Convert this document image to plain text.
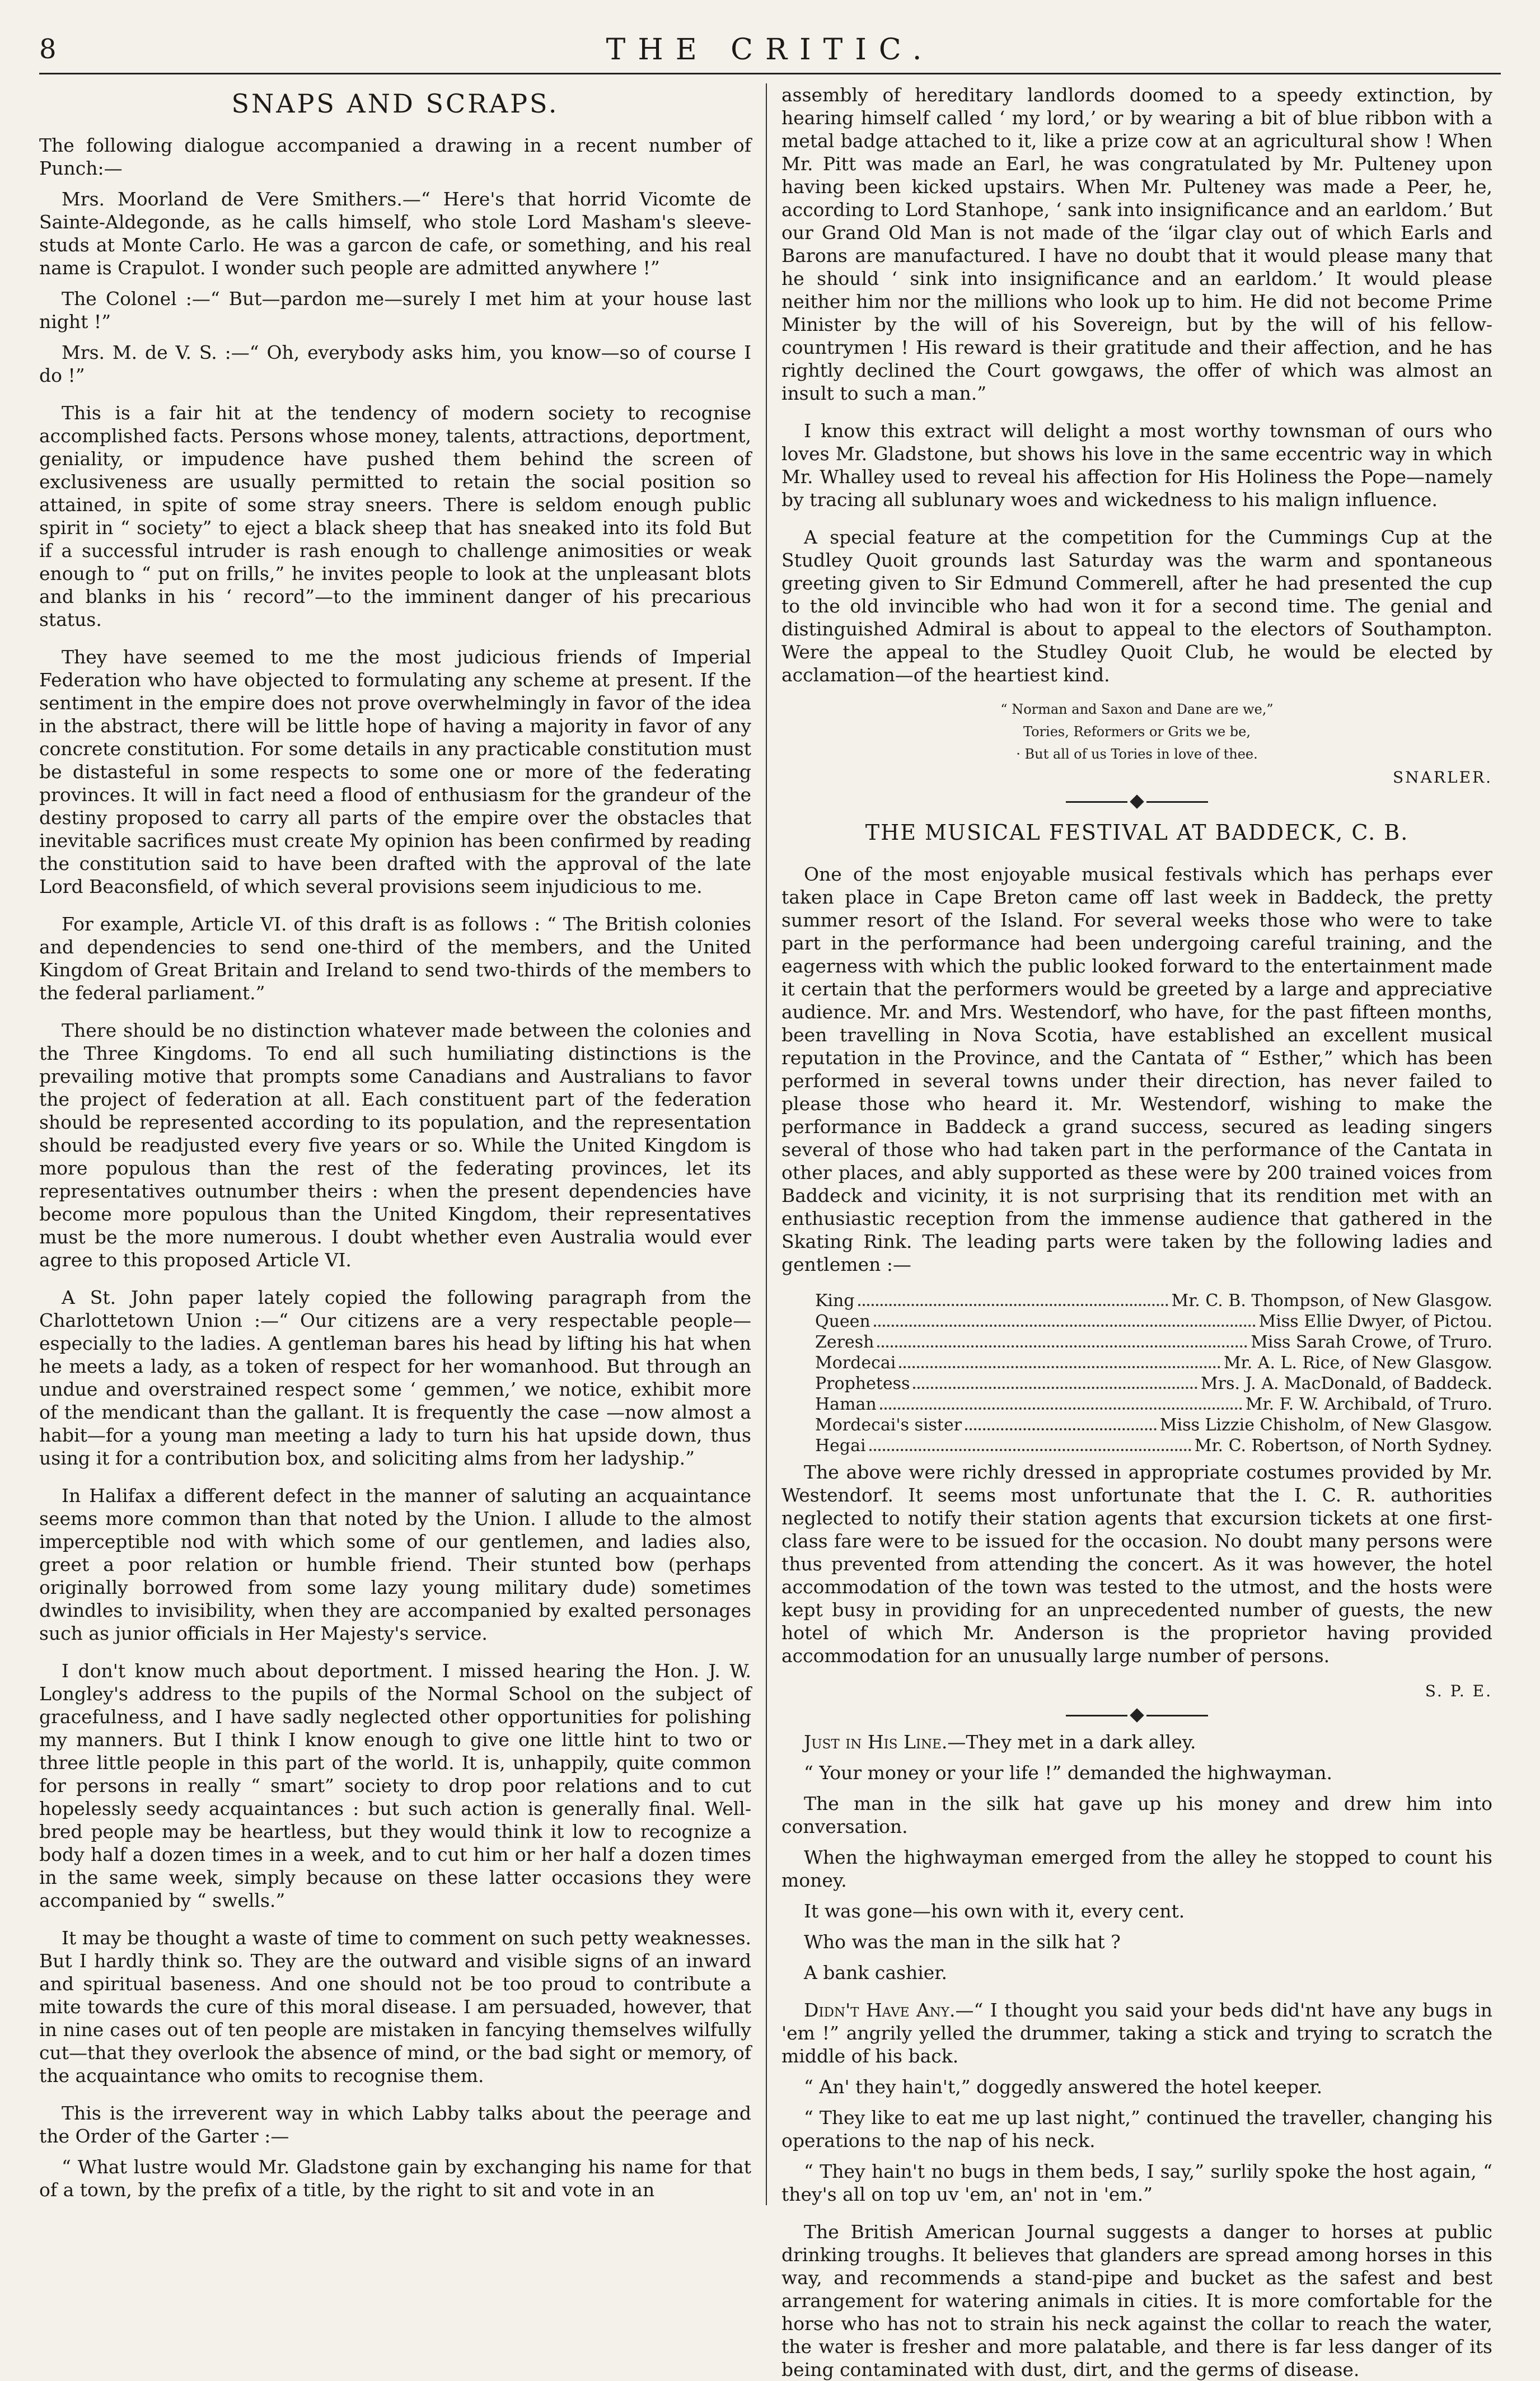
8	THE CRITIC.
SNAPS AND SCRAPS.

The following dialogue accompanied a drawing in a recent number of Punch:—

Mrs. Moorland de Vere Smithers.—“ Here's that horrid Vicomte de Sainte-Aldegonde, as he calls himself, who stole Lord Masham's sleeve-studs at Monte Carlo. He was a garcon de cafe, or something, and his real name is Crapulot. I wonder such people are admitted anywhere !”

The Colonel :—“ But—pardon me—surely I met him at your house last night !”

Mrs. M. de V. S. :—“ Oh, everybody asks him, you know—so of course I do !”

This is a fair hit at the tendency of modern society to recognise accomplished facts. Persons whose money, talents, attractions, deportment, geniality, or impudence have pushed them behind the screen of exclusiveness are usually permitted to retain the social position so attained, in spite of some stray sneers. There is seldom enough public spirit in “ society” to eject a black sheep that has sneaked into its fold But if a successful intruder is rash enough to challenge animosities or weak enough to “ put on frills,” he invites people to look at the unpleasant blots and blanks in his ‘ record”—to the imminent danger of his precarious status.

They have seemed to me the most judicious friends of Imperial Federation who have objected to formulating any scheme at present. If the sentiment in the empire does not prove overwhelmingly in favor of the idea in the abstract, there will be little hope of having a majority in favor of any concrete constitution. For some details in any practicable constitution must be distasteful in some respects to some one or more of the federating provinces. It will in fact need a flood of enthusiasm for the grandeur of the destiny proposed to carry all parts of the empire over the obstacles that inevitable sacrifices must create My opinion has been confirmed by reading the constitution said to have been drafted with the approval of the late Lord Beaconsfield, of which several provisions seem injudicious to me.

For example, Article VI. of this draft is as follows : “ The British colonies and dependencies to send one-third of the members, and the United Kingdom of Great Britain and Ireland to send two-thirds of the members to the federal parliament.”

There should be no distinction whatever made between the colonies and the Three Kingdoms. To end all such humiliating distinctions is the prevailing motive that prompts some Canadians and Australians to favor the project of federation at all. Each constituent part of the federation should be represented according to its population, and the representation should be readjusted every five years or so. While the United Kingdom is more populous than the rest of the federating provinces, let its representatives outnumber theirs : when the present dependencies have become more populous than the United Kingdom, their representatives must be the more numerous. I doubt whether even Australia would ever agree to this proposed Article VI.

A St. John paper lately copied the following paragraph from the Charlottetown Union :—“ Our citizens are a very respectable people—especially to the ladies. A gentleman bares his head by lifting his hat when he meets a lady, as a token of respect for her womanhood. But through an undue and overstrained respect some ‘ gemmen,’ we notice, exhibit more of the mendicant than the gallant. It is frequently the case —now almost a habit—for a young man meeting a lady to turn his hat upside down, thus using it for a contribution box, and soliciting alms from her ladyship.”

In Halifax a different defect in the manner of saluting an acquaintance seems more common than that noted by the Union. I allude to the almost imperceptible nod with which some of our gentlemen, and ladies also, greet a poor relation or humble friend. Their stunted bow (perhaps originally borrowed from some lazy young military dude) sometimes dwindles to invisibility, when they are accompanied by exalted personages such as junior officials in Her Majesty's service.

I don't know much about deportment. I missed hearing the Hon. J. W. Longley's address to the pupils of the Normal School on the subject of gracefulness, and I have sadly neglected other opportunities for polishing my manners. But I think I know enough to give one little hint to two or three little people in this part of the world. It is, unhappily, quite common for persons in really “ smart” society to drop poor relations and to cut hopelessly seedy acquaintances : but such action is generally final. Well-bred people may be heartless, but they would think it low to recognize a body half a dozen times in a week, and to cut him or her half a dozen times in the same week, simply because on these latter occasions they were accompanied by “ swells.”

It may be thought a waste of time to comment on such petty weaknesses. But I hardly think so. They are the outward and visible signs of an inward and spiritual baseness. And one should not be too proud to contribute a mite towards the cure of this moral disease. I am persuaded, however, that in nine cases out of ten people are mistaken in fancying themselves wilfully cut—that they overlook the absence of mind, or the bad sight or memory, of the acquaintance who omits to recognise them.

This is the irreverent way in which Labby talks about the peerage and the Order of the Garter :—

“ What lustre would Mr. Gladstone gain by exchanging his name for that of a town, by the prefix of a title, by the right to sit and vote in an

assembly of hereditary landlords doomed to a speedy extinction, by hearing himself called ‘ my lord,’ or by wearing a bit of blue ribbon with a metal badge attached to it, like a prize cow at an agricultural show ! When Mr. Pitt was made an Earl, he was congratulated by Mr. Pulteney upon having been kicked upstairs. When Mr. Pulteney was made a Peer, he, according to Lord Stanhope, ‘ sank into insignificance and an earldom.’ But our Grand Old Man is not made of the ‘ilgar clay out of which Earls and Barons are manufactured. I have no doubt that it would please many that he should ‘ sink into insignificance and an earldom.’ It would please neither him nor the millions who look up to him. He did not become Prime Minister by the will of his Sovereign, but by the will of his fellow-countrymen ! His reward is their gratitude and their affection, and he has rightly declined the Court gowgaws, the offer of which was almost an insult to such a man.”

I know this extract will delight a most worthy townsman of ours who loves Mr. Gladstone, but shows his love in the same eccentric way in which Mr. Whalley used to reveal his affection for His Holiness the Pope—namely by tracing all sublunary woes and wickedness to his malign influence.

A special feature at the competition for the Cummings Cup at the Studley Quoit grounds last Saturday was the warm and spontaneous greeting given to Sir Edmund Commerell, after he had presented the cup to the old invincible who had won it for a second time. The genial and distinguished Admiral is about to appeal to the electors of Southampton. Were the appeal to the Studley Quoit Club, he would be elected by acclamation—of the heartiest kind.

“ Norman and Saxon and Dane are we,”
Tories, Reformers or Grits we be,
· But all of us Tories in love of thee.
SNARLER.
THE MUSICAL FESTIVAL AT BADDECK, C. B.

One of the most enjoyable musical festivals which has perhaps ever taken place in Cape Breton came off last week in Baddeck, the pretty summer resort of the Island. For several weeks those who were to take part in the performance had been undergoing careful training, and the eagerness with which the public looked forward to the entertainment made it certain that the performers would be greeted by a large and appreciative audience. Mr. and Mrs. Westendorf, who have, for the past fifteen months, been travelling in Nova Scotia, have established an excellent musical reputation in the Province, and the Cantata of “ Esther,” which has been performed in several towns under their direction, has never failed to please those who heard it. Mr. Westendorf, wishing to make the performance in Baddeck a grand success, secured as leading singers several of those who had taken part in the performance of the Cantata in other places, and ably supported as these were by 200 trained voices from Baddeck and vicinity, it is not surprising that its rendition met with an enthusiastic reception from the immense audience that gathered in the Skating Rink. The leading parts were taken by the following ladies and gentlemen :—

King	Mr. C. B. Thompson, of New Glasgow.
Queen	Miss Ellie Dwyer, of Pictou.
Zeresh	Miss Sarah Crowe, of Truro.
Mordecai	Mr. A. L. Rice, of New Glasgow.
Prophetess	Mrs. J. A. MacDonald, of Baddeck.
Haman	Mr. F. W. Archibald, of Truro.
Mordecai's sister	Miss Lizzie Chisholm, of New Glasgow.
Hegai	Mr. C. Robertson, of North Sydney.

The above were richly dressed in appropriate costumes provided by Mr. Westendorf. It seems most unfortunate that the I. C. R. authorities neglected to notify their station agents that excursion tickets at one first-class fare were to be issued for the occasion. No doubt many persons were thus prevented from attending the concert. As it was however, the hotel accommodation of the town was tested to the utmost, and the hosts were kept busy in providing for an unprecedented number of guests, the new hotel of which Mr. Anderson is the proprietor having provided accommodation for an unusually large number of persons.

S. P. E.

Just in His Line.—They met in a dark alley.

“ Your money or your life !” demanded the highwayman.

The man in the silk hat gave up his money and drew him into conversation.

When the highwayman emerged from the alley he stopped to count his money.

It was gone—his own with it, every cent.

Who was the man in the silk hat ?

A bank cashier.

Didn't Have Any.—“ I thought you said your beds did'nt have any bugs in 'em !” angrily yelled the drummer, taking a stick and trying to scratch the middle of his back.

“ An' they hain't,” doggedly answered the hotel keeper.

“ They like to eat me up last night,” continued the traveller, changing his operations to the nap of his neck.

“ They hain't no bugs in them beds, I say,” surlily spoke the host again, “ they's all on top uv 'em, an' not in 'em.”

The British American Journal suggests a danger to horses at public drinking troughs. It believes that glanders are spread among horses in this way, and recommends a stand-pipe and bucket as the safest and best arrangement for watering animals in cities. It is more comfortable for the horse who has not to strain his neck against the collar to reach the water, the water is fresher and more palatable, and there is far less danger of its being contaminated with dust, dirt, and the germs of disease.
